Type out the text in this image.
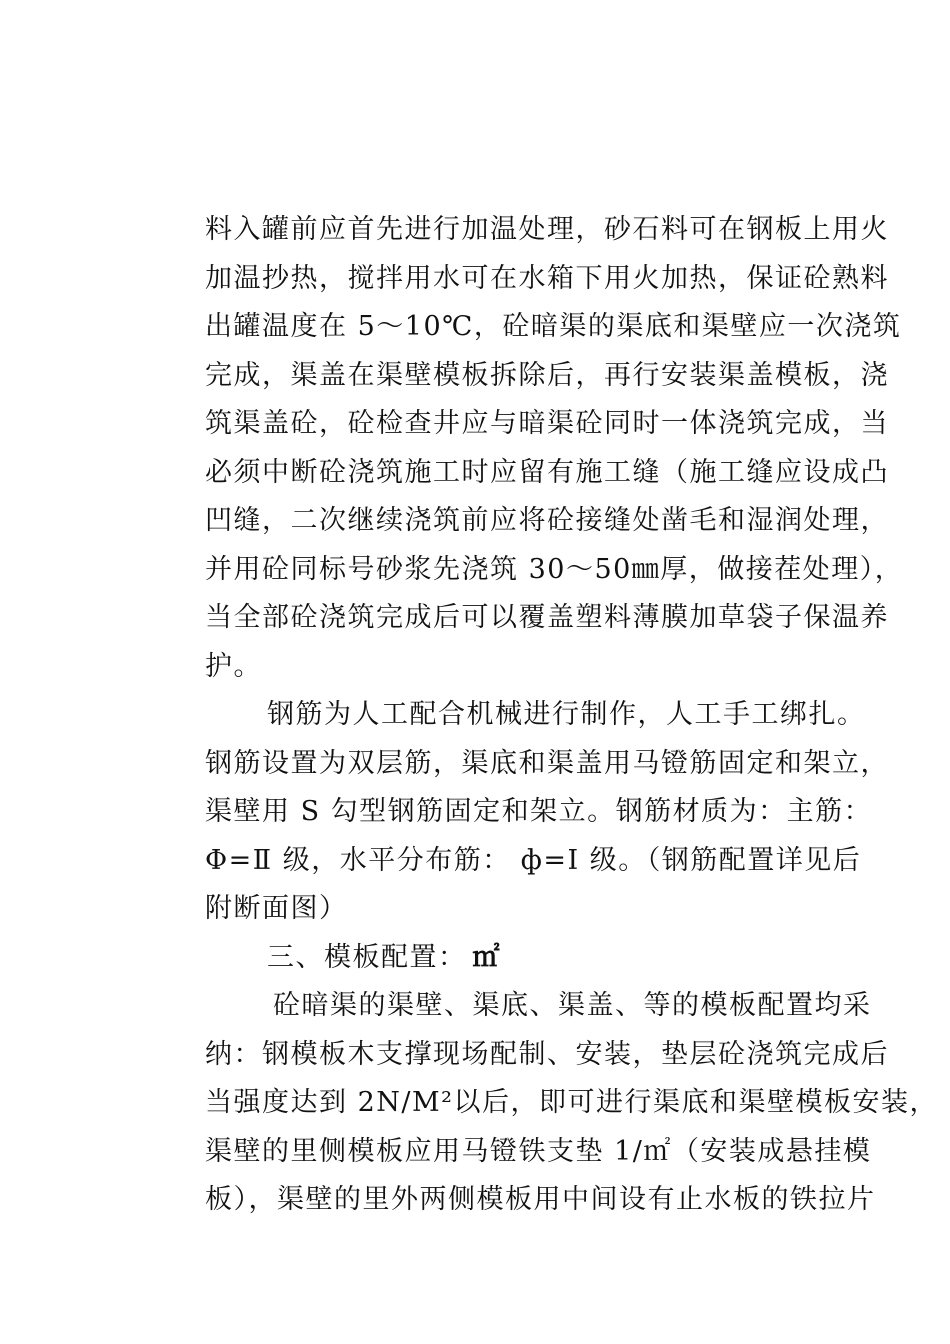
料入罐前应首先进行加温处理，砂石料可在钢板上用火
加温抄热，搅拌用水可在水箱下用火加热，保证砼熟料
出罐温度在 5～10℃，砼暗渠的渠底和渠壁应一次浇筑
完成，渠盖在渠壁模板拆除后，再行安装渠盖模板，浇
筑渠盖砼，砼检查井应与暗渠砼同时一体浇筑完成，当
必须中断砼浇筑施工时应留有施工缝（施工缝应设成凸
凹缝，二次继续浇筑前应将砼接缝处凿毛和湿润处理，
并用砼同标号砂浆先浇筑 30～50㎜厚，做接茬处理），
当全部砼浇筑完成后可以覆盖塑料薄膜加草袋子保温养
护。
钢筋为人工配合机械进行制作，人工手工绑扎。
钢筋设置为双层筋，渠底和渠盖用马镫筋固定和架立，
渠壁用 S 勾型钢筋固定和架立。钢筋材质为：主筋：
Φ=Ⅱ 级，水平分布筋： ф=Ⅰ 级。（钢筋配置详见后
附断面图）
三、模板配置： ㎡
砼暗渠的渠壁、渠底、渠盖、等的模板配置均采
纳：钢模板木支撑现场配制、安装，垫层砼浇筑完成后
当强度达到 2N/M²以后，即可进行渠底和渠壁模板安装，
渠壁的里侧模板应用马镫铁支垫 1/㎡（安装成悬挂模
板），渠壁的里外两侧模板用中间设有止水板的铁拉片
